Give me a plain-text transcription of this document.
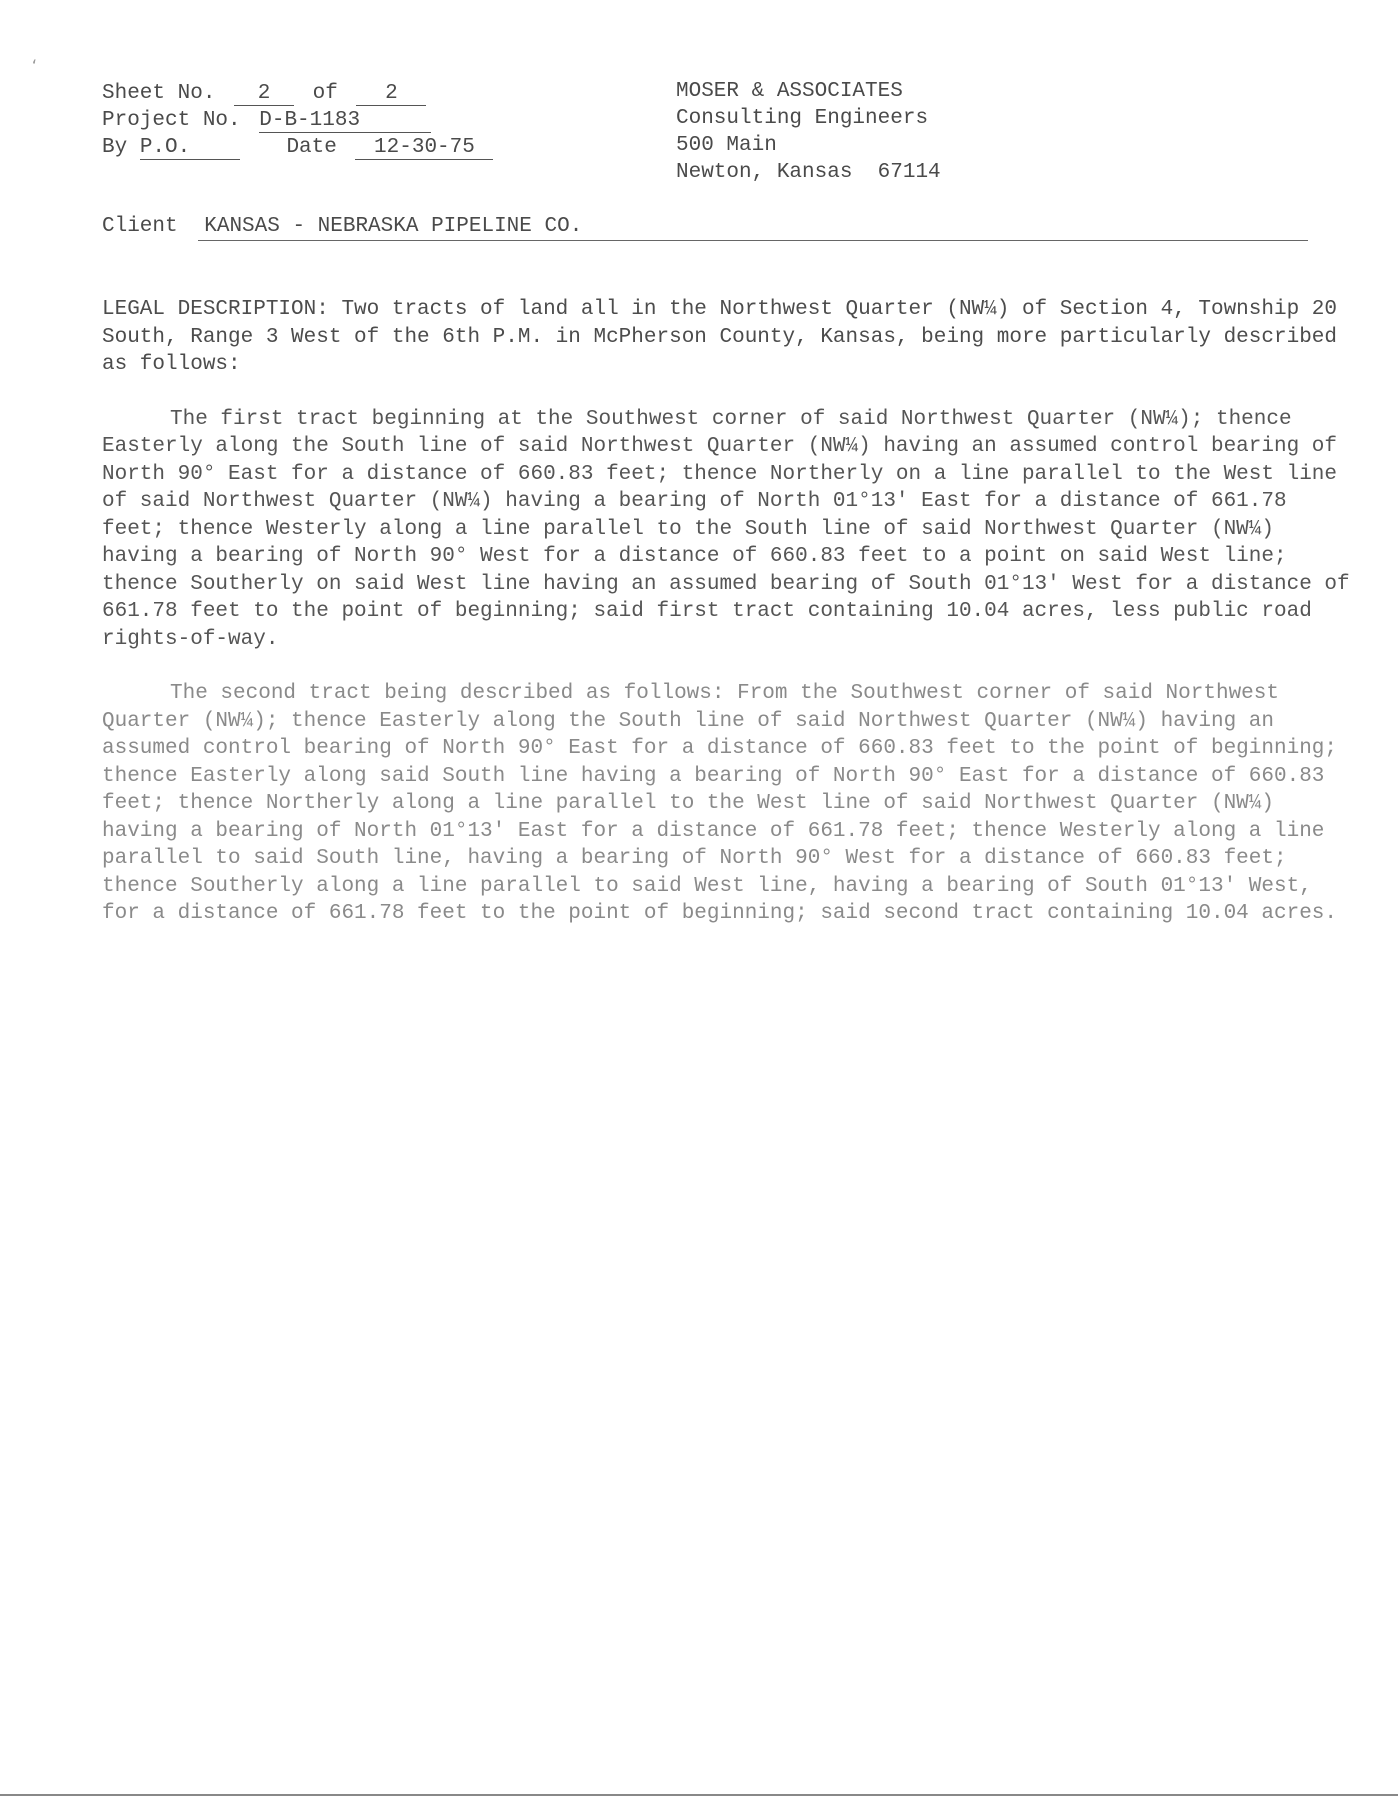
Sheet No. 2 of 2
Project No. D-B-1183
By P.O.	Date 12-30-75
MOSER & ASSOCIATES
Consulting Engineers
500 Main
Newton, Kansas  67114
Client KANSAS - NEBRASKA PIPELINE CO.

LEGAL DESCRIPTION: Two tracts of land all in the Northwest Quarter (NW¼) of Section 4, Township 20 South, Range 3 West of the 6th P.M. in McPherson County, Kansas, being more particularly described as follows:

The first tract beginning at the Southwest corner of said Northwest Quarter (NW¼); thence Easterly along the South line of said Northwest Quarter (NW¼) having an assumed control bearing of North 90° East for a distance of 660.83 feet; thence Northerly on a line parallel to the West line of said Northwest Quarter (NW¼) having a bearing of North 01°13' East for a distance of 661.78 feet; thence Westerly along a line parallel to the South line of said Northwest Quarter (NW¼) having a bearing of North 90° West for a distance of 660.83 feet to a point on said West line; thence Southerly on said West line having an assumed bearing of South 01°13' West for a distance of 661.78 feet to the point of beginning; said first tract containing 10.04 acres, less public road rights-of-way.

The second tract being described as follows: From the Southwest corner of said Northwest Quarter (NW¼); thence Easterly along the South line of said Northwest Quarter (NW¼) having an assumed control bearing of North 90° East for a distance of 660.83 feet to the point of beginning; thence Easterly along said South line having a bearing of North 90° East for a distance of 660.83 feet; thence Northerly along a line parallel to the West line of said Northwest Quarter (NW¼) having a bearing of North 01°13' East for a distance of 661.78 feet; thence Westerly along a line parallel to said South line, having a bearing of North 90° West for a distance of 660.83 feet; thence Southerly along a line parallel to said West line, having a bearing of South 01°13' West, for a distance of 661.78 feet to the point of beginning; said second tract containing 10.04 acres.

ʻ
